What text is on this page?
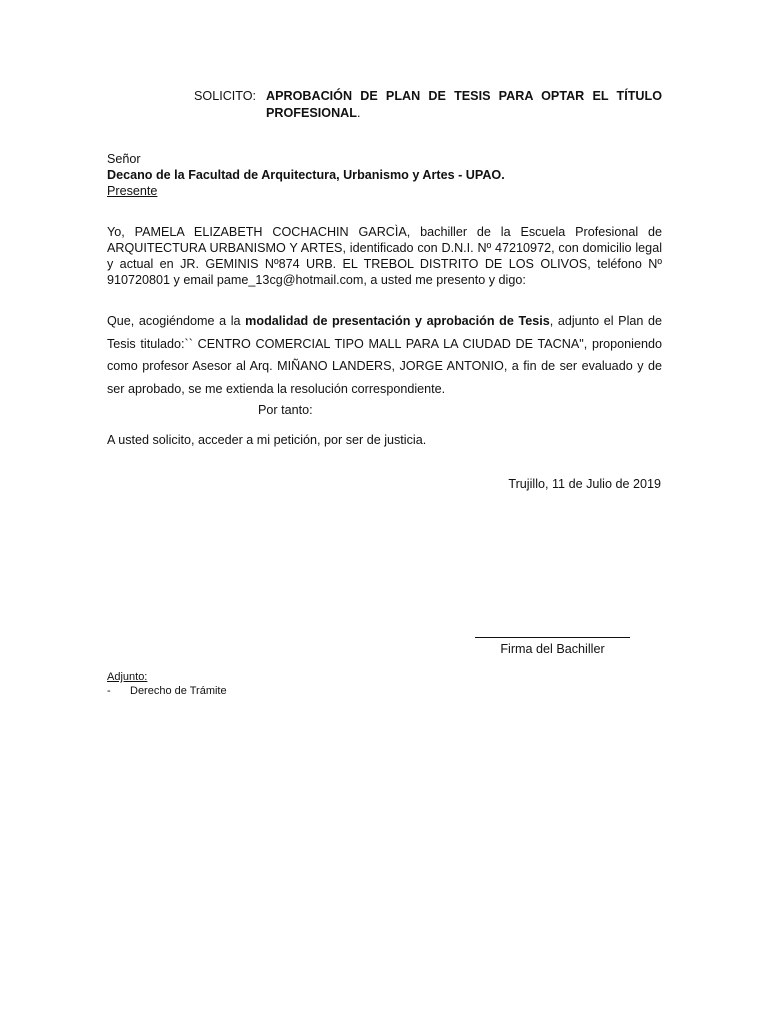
SOLICITO: APROBACIÓN DE PLAN DE TESIS PARA OPTAR EL TÍTULO
PROFESIONAL.
Señor
Decano de la Facultad de Arquitectura, Urbanismo y Artes - UPAO.
Presente
Yo, PAMELA ELIZABETH COCHACHIN GARCÌA, bachiller de la Escuela Profesional de ARQUITECTURA URBANISMO Y ARTES, identificado con D.N.I. Nº 47210972, con domicilio legal y actual en JR. GEMINIS Nº874 URB. EL TREBOL DISTRITO DE LOS OLIVOS, teléfono Nº 910720801 y email pame_13cg@hotmail.com, a usted me presento y digo:
Que, acogiéndome a la modalidad de presentación y aprobación de Tesis, adjunto el Plan de Tesis titulado:`` CENTRO COMERCIAL TIPO MALL PARA LA CIUDAD DE TACNA", proponiendo como profesor Asesor al Arq. MIÑANO LANDERS, JORGE ANTONIO, a fin de ser evaluado y de ser aprobado, se me extienda la resolución correspondiente.
Por tanto:
A usted solicito, acceder a mi petición, por ser de justicia.
Trujillo, 11 de Julio de 2019
Firma del Bachiller
Adjunto:
- Derecho de Trámite
